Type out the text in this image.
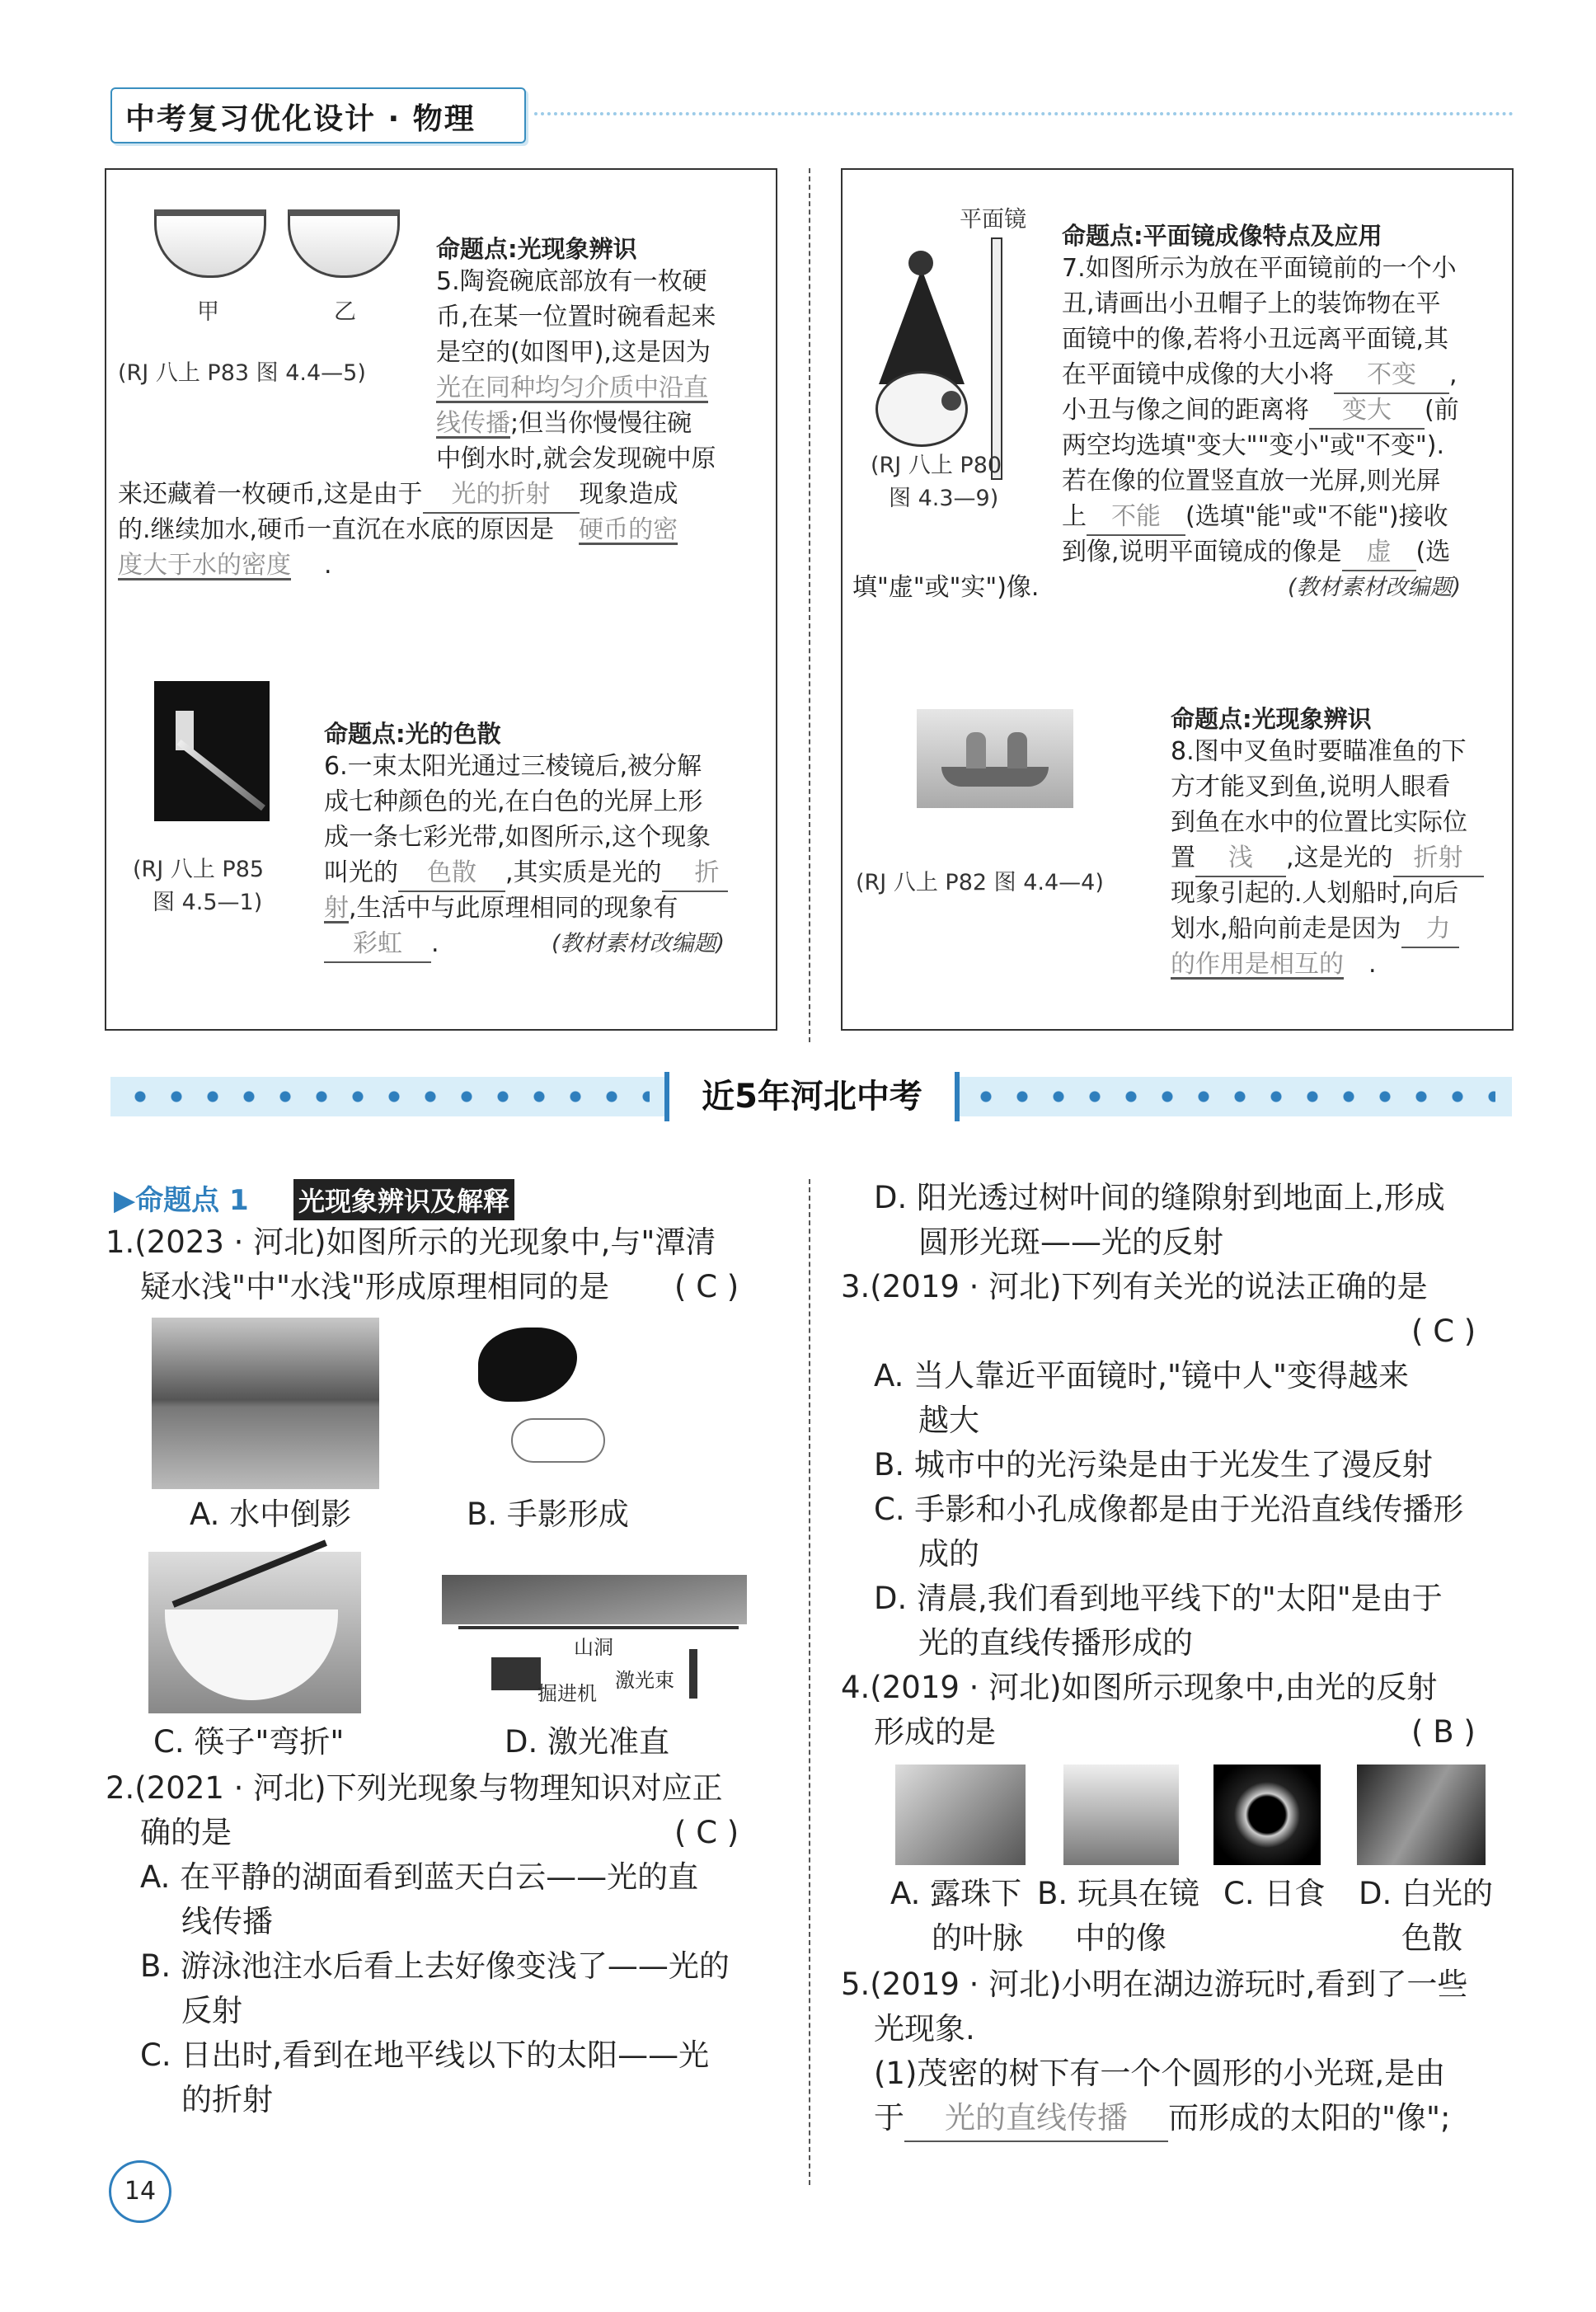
中考复习优化设计 · 物理
甲	乙
(RJ 八上 P83 图 4.4—5)
命题点:光现象辨识
5.陶瓷碗底部放有一枚硬
币,在某一位置时碗看起来
是空的(如图甲),这是因为
光在同种均匀介质中沿直
线传播;但当你慢慢往碗
中倒水时,就会发现碗中原
来还藏着一枚硬币,这是由于 光的折射 现象造成
的.继续加水,硬币一直沉在水底的原因是 硬币的密
度大于水的密度 .
(RJ 八上 P85
图 4.5—1)
命题点:光的色散
6.一束太阳光通过三棱镜后,被分解
成七种颜色的光,在白色的光屏上形
成一条七彩光带,如图所示,这个现象
叫光的 色散 ,其实质是光的 折
射,生活中与此原理相同的现象有
彩虹 .	(教材素材改编题)
平面镜
(RJ 八上 P80
图 4.3—9)
命题点:平面镜成像特点及应用
7.如图所示为放在平面镜前的一个小
丑,请画出小丑帽子上的装饰物在平
面镜中的像,若将小丑远离平面镜,其
在平面镜中成像的大小将 不变 ,
小丑与像之间的距离将 变大 (前
两空均选填"变大""变小"或"不变").
若在像的位置竖直放一光屏,则光屏
上 不能 (选填"能"或"不能")接收
到像,说明平面镜成的像是 虚 (选
填"虚"或"实")像.	(教材素材改编题)
(RJ 八上 P82 图 4.4—4)
命题点:光现象辨识
8.图中叉鱼时要瞄准鱼的下
方才能叉到鱼,说明人眼看
到鱼在水中的位置比实际位
置 浅 ,这是光的 折射
现象引起的.人划船时,向后
划水,船向前走是因为 力
的作用是相互的 .
近5年河北中考
▶命题点 1 光现象辨识及解释
1.(2023 · 河北)如图所示的光现象中,与"潭清
疑水浅"中"水浅"形成原理相同的是 ( C )
A. 水中倒影	B. 手影形成
山洞
激光束
掘进机
C. 筷子"弯折"	D. 激光准直
2.(2021 · 河北)下列光现象与物理知识对应正
确的是	( C )
A. 在平静的湖面看到蓝天白云——光的直
线传播
B. 游泳池注水后看上去好像变浅了——光的
反射
C. 日出时,看到在地平线以下的太阳——光
的折射
14
D. 阳光透过树叶间的缝隙射到地面上,形成
圆形光斑——光的反射
3.(2019 · 河北)下列有关光的说法正确的是
( C )
A. 当人靠近平面镜时,"镜中人"变得越来
越大
B. 城市中的光污染是由于光发生了漫反射
C. 手影和小孔成像都是由于光沿直线传播形
成的
D. 清晨,我们看到地平线下的"太阳"是由于
光的直线传播形成的
4.(2019 · 河北)如图所示现象中,由光的反射
形成的是	( B )
A. 露珠下 B. 玩具在镜 C. 日食 D. 白光的
的叶脉 中的像	色散
5.(2019 · 河北)小明在湖边游玩时,看到了一些
光现象.
(1)茂密的树下有一个个圆形的小光斑,是由
于 光的直线传播 而形成的太阳的"像";
